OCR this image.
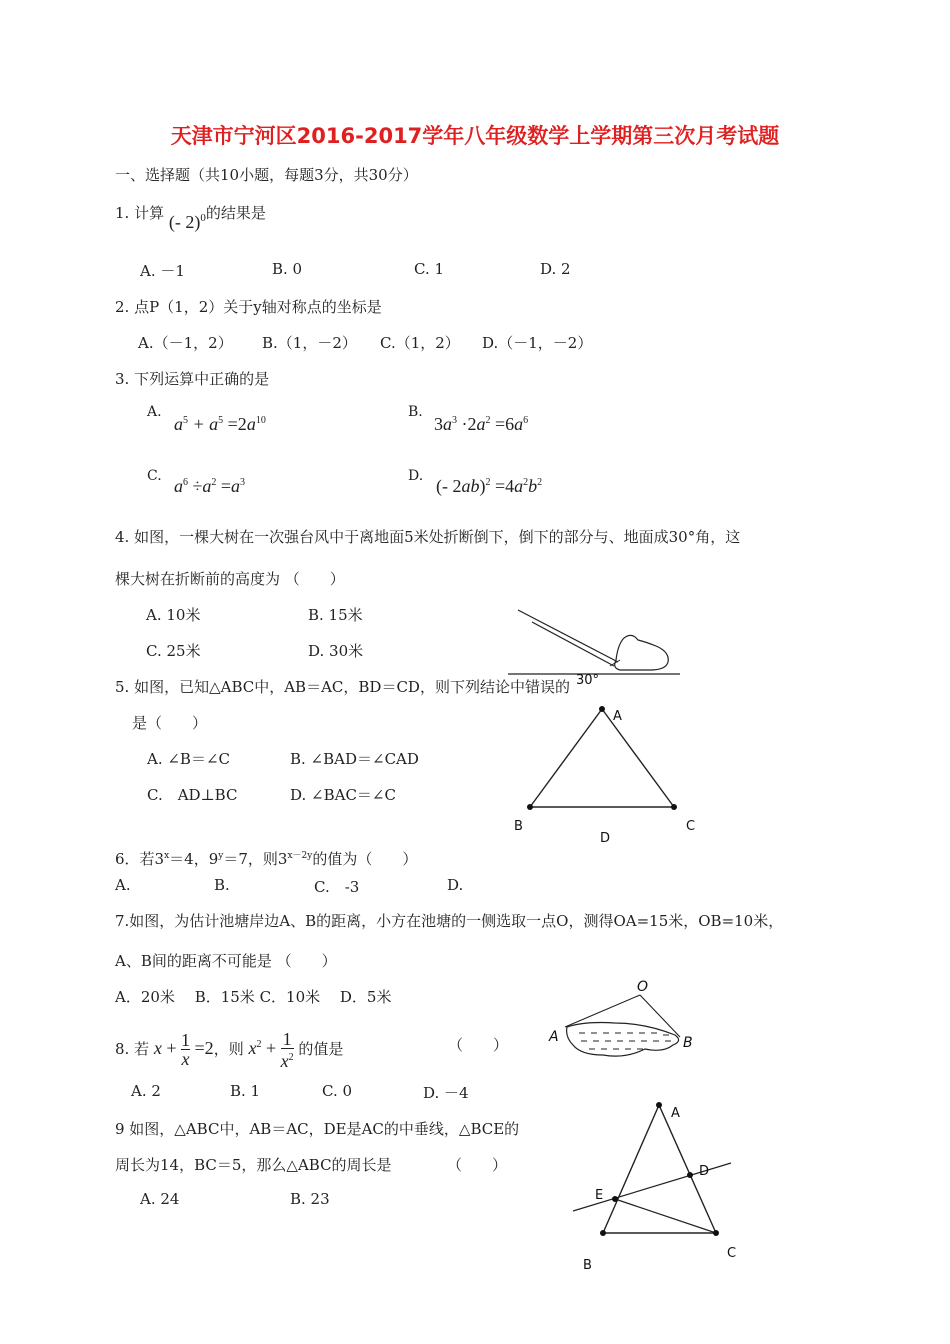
天津市宁河区2016-2017学年八年级数学上学期第三次月考试题
一、选择题（共10小题，每题3分，共30分）
1. 计算 (- 2)$^0$的结果是
A. －1	B. 0	C. 1	D. 2
2. 点P（1，2）关于y轴对称点的坐标是
A.（－1，2） B.（1，－2） C.（1，2） D.（－1，－2）
3. 下列运算中正确的是
A.
$a^5 + a^5 =2a^{10}$
B.
$3a^3 \cdot 2a^2 =6a^6$
C. $a^6 \div a^2 =a^3$	D. (- $2ab)^2 =4a^2b^2$
4. 如图，一棵大树在一次强台风中于离地面5米处折断倒下，倒下的部分与、地面成30°角，这
棵大树在折断前的高度为 （　　）
A. 10米	B. 15米
C. 25米	D. 30米
30°
5. 如图，已知△ABC中，AB＝AC，BD＝CD，则下列结论中错误的
是（　　）
A. ∠B＝∠C	B. ∠BAD＝∠CAD
C.　AD⊥BC	D. ∠BAC＝∠C
A
B	C
D
6．若$3^x=4$，$9^y=7$，则$3^{x-2y}$的值为（　　）
A.	B.	C.　-3	D.
7.如图，为估计池塘岸边A、B的距离，小方在池塘的一侧选取一点O，测得OA=15米，OB=10米，
A、B间的距离不可能是 （　　）
A．20米　 B．15米 C．10米　 D．5米
O
A	B
8. 若 $x + \frac{1}{x} =2$，则 $x^2 + \frac{1}{x^2}$ 的值是	（　　）
A. 2	B. 1	C. 0	D. －4
9 如图，△ABC中，AB＝AC，DE是AC的中垂线，△BCE的
周长为14，BC＝5，那么△ABC的周长是	（　　）
A. 24	B. 23
A
B
C
D
E
